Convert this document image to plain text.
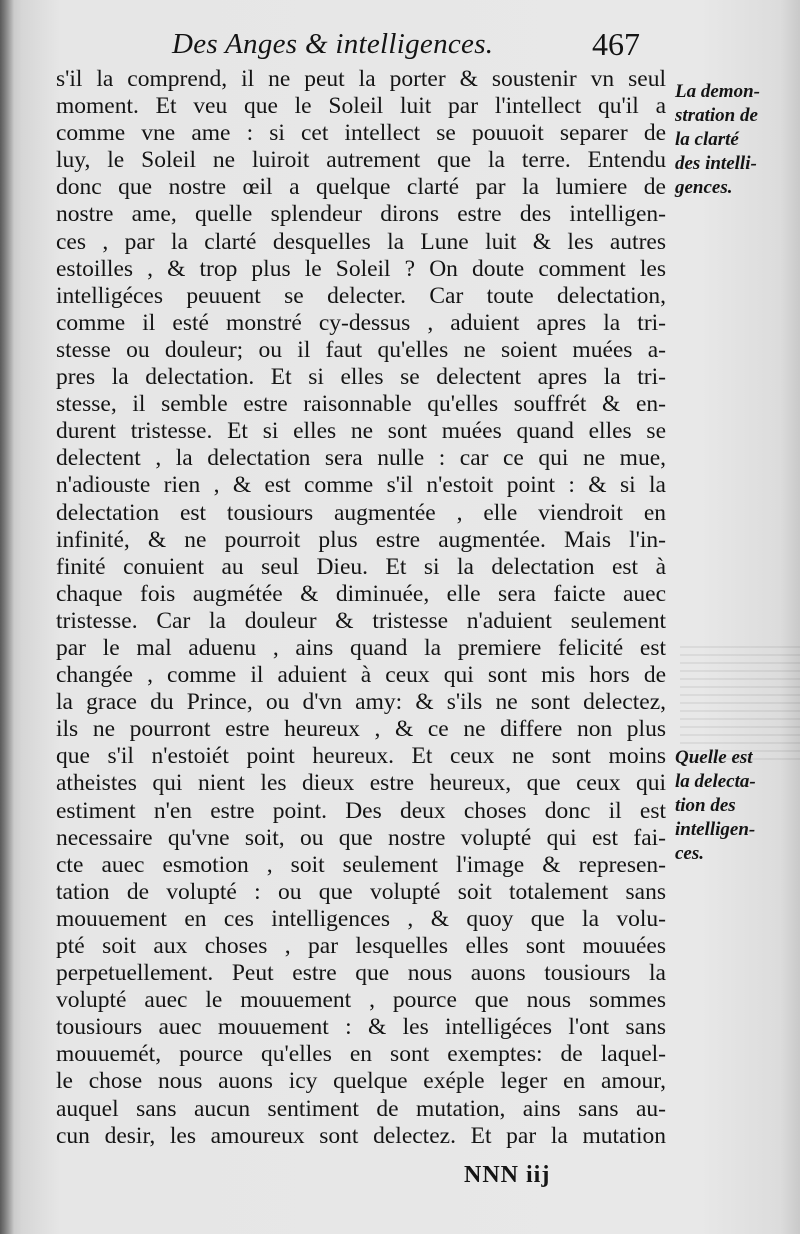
Des Anges & intelligences.	467
s'il la comprend, il ne peut la porter & soustenir vn seul
moment. Et veu que le Soleil luit par l'intellect qu'il a
comme vne ame : si cet intellect se pouuoit separer de
luy, le Soleil ne luiroit autrement que la terre. Entendu
donc que nostre œil a quelque clarté par la lumiere de
nostre ame, quelle splendeur dirons estre des intelligen-
ces , par la clarté desquelles la Lune luit & les autres
estoilles , & trop plus le Soleil ? On doute comment les
intelligéces peuuent se delecter. Car toute delectation,
comme il esté monstré cy-dessus , aduient apres la tri-
stesse ou douleur; ou il faut qu'elles ne soient muées a-
pres la delectation. Et si elles se delectent apres la tri-
stesse, il semble estre raisonnable qu'elles souffrét & en-
durent tristesse. Et si elles ne sont muées quand elles se
delectent , la delectation sera nulle : car ce qui ne mue,
n'adiouste rien , & est comme s'il n'estoit point : & si la
delectation est tousiours augmentée , elle viendroit en
infinité, & ne pourroit plus estre augmentée. Mais l'in-
finité conuient au seul Dieu. Et si la delectation est à
chaque fois augmétée & diminuée, elle sera faicte auec
tristesse. Car la douleur & tristesse n'aduient seulement
par le mal aduenu , ains quand la premiere felicité est
changée , comme il aduient à ceux qui sont mis hors de
la grace du Prince, ou d'vn amy: & s'ils ne sont delectez,
ils ne pourront estre heureux , & ce ne differe non plus
que s'il n'estoiét point heureux. Et ceux ne sont moins
atheistes qui nient les dieux estre heureux, que ceux qui
estiment n'en estre point. Des deux choses donc il est
necessaire qu'vne soit, ou que nostre volupté qui est fai-
cte auec esmotion , soit seulement l'image & represen-
tation de volupté : ou que volupté soit totalement sans
mouuement en ces intelligences , & quoy que la volu-
pté soit aux choses , par lesquelles elles sont mouuées
perpetuellement. Peut estre que nous auons tousiours la
volupté auec le mouuement , pource que nous sommes
tousiours auec mouuement : & les intelligéces l'ont sans
mouuemét, pource qu'elles en sont exemptes: de laquel-
le chose nous auons icy quelque exéple leger en amour,
auquel sans aucun sentiment de mutation, ains sans au-
cun desir, les amoureux sont delectez. Et par la mutation
La demon-
stration de
la clarté
des intelli-
gences.
Quelle est
la delecta-
tion des
intelligen-
ces.
NNN iij
